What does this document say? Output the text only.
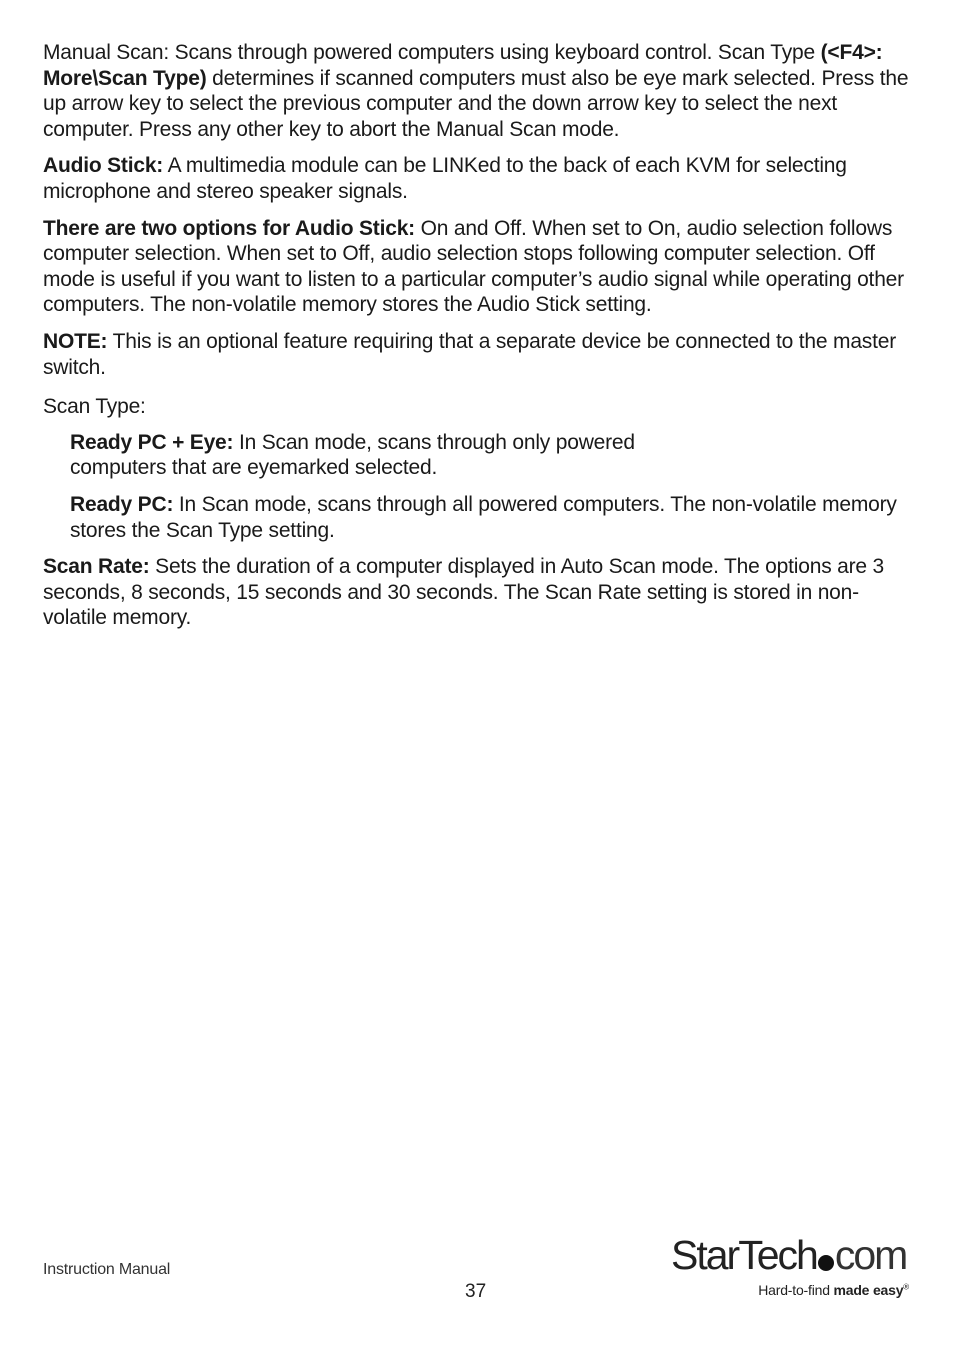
Manual Scan: Scans through powered computers using keyboard control. Scan Type (<F4>: More\Scan Type) determines if scanned computers must also be eye mark selected. Press the up arrow key to select the previous computer and the down arrow key to select the next computer. Press any other key to abort the Manual Scan mode.

Audio Stick: A multimedia module can be LINKed to the back of each KVM for selecting microphone and stereo speaker signals.

There are two options for Audio Stick: On and Off. When set to On, audio selection follows computer selection. When set to Off, audio selection stops following computer selection. Off mode is useful if you want to listen to a particular computer’s audio signal while operating other computers. The non-volatile memory stores the Audio Stick setting.

NOTE: This is an optional feature requiring that a separate device be connected to the master switch.

Scan Type:

Ready PC + Eye: In Scan mode, scans through only powered computers that are eyemarked selected.

Ready PC: In Scan mode, scans through all powered computers. The non-volatile memory stores the Scan Type setting.

Scan Rate: Sets the duration of a computer displayed in Auto Scan mode. The options are 3 seconds, 8 seconds, 15 seconds and 30 seconds. The Scan Rate setting is stored in non-volatile memory.

Instruction Manual
37
StarTech com
Hard-to-find made easy®
